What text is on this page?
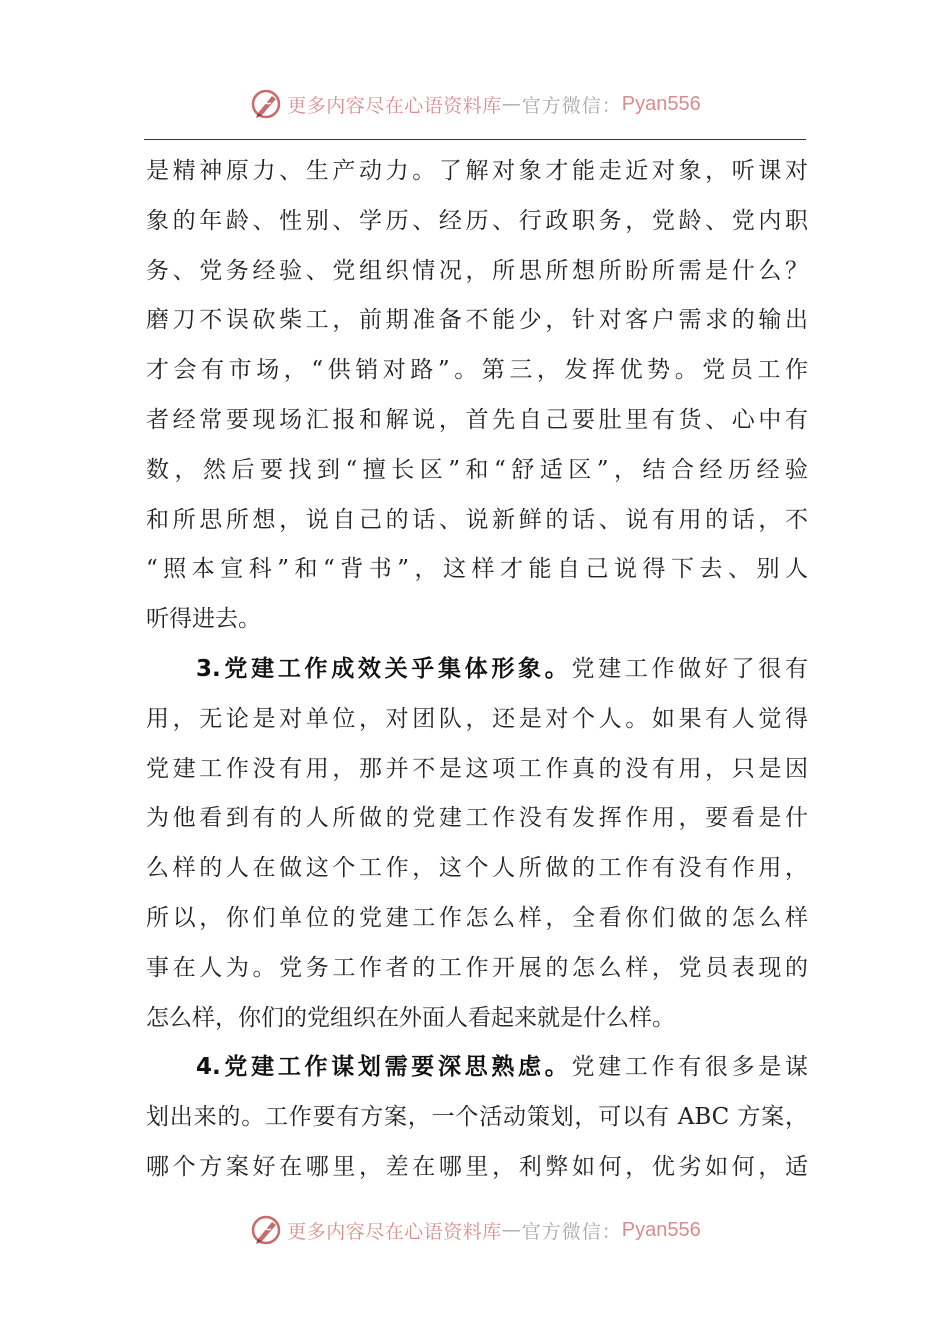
更多内容尽在心语资料库 — 官方微信： Pyan556
是精神原力、生产动力。了解对象才能走近对象，听课对
象的年龄、性别、学历、经历、行政职务，党龄、党内职
务、党务经验、党组织情况，所思所想所盼所需是什么？
磨刀不误砍柴工，前期准备不能少，针对客户需求的输出
才会有市场，“供销对路”。第三，发挥优势。党员工作
者经常要现场汇报和解说，首先自己要肚里有货、心中有
数，然后要找到“擅长区”和“舒适区”，结合经历经验
和所思所想，说自己的话、说新鲜的话、说有用的话，不
“照本宣科”和“背书”，这样才能自己说得下去、别人
听得进去。
3.党建工作成效关乎集体形象。党建工作做好了很有
用，无论是对单位，对团队，还是对个人。如果有人觉得
党建工作没有用，那并不是这项工作真的没有用，只是因
为他看到有的人所做的党建工作没有发挥作用，要看是什
么样的人在做这个工作，这个人所做的工作有没有作用，
所以，你们单位的党建工作怎么样，全看你们做的怎么样
事在人为。党务工作者的工作开展的怎么样，党员表现的
怎么样，你们的党组织在外面人看起来就是什么样。
4.党建工作谋划需要深思熟虑。党建工作有很多是谋
划出来的。工作要有方案，一个活动策划，可以有 ABC 方案，
哪个方案好在哪里，差在哪里，利弊如何，优劣如何，适
更多内容尽在心语资料库 — 官方微信： Pyan556
